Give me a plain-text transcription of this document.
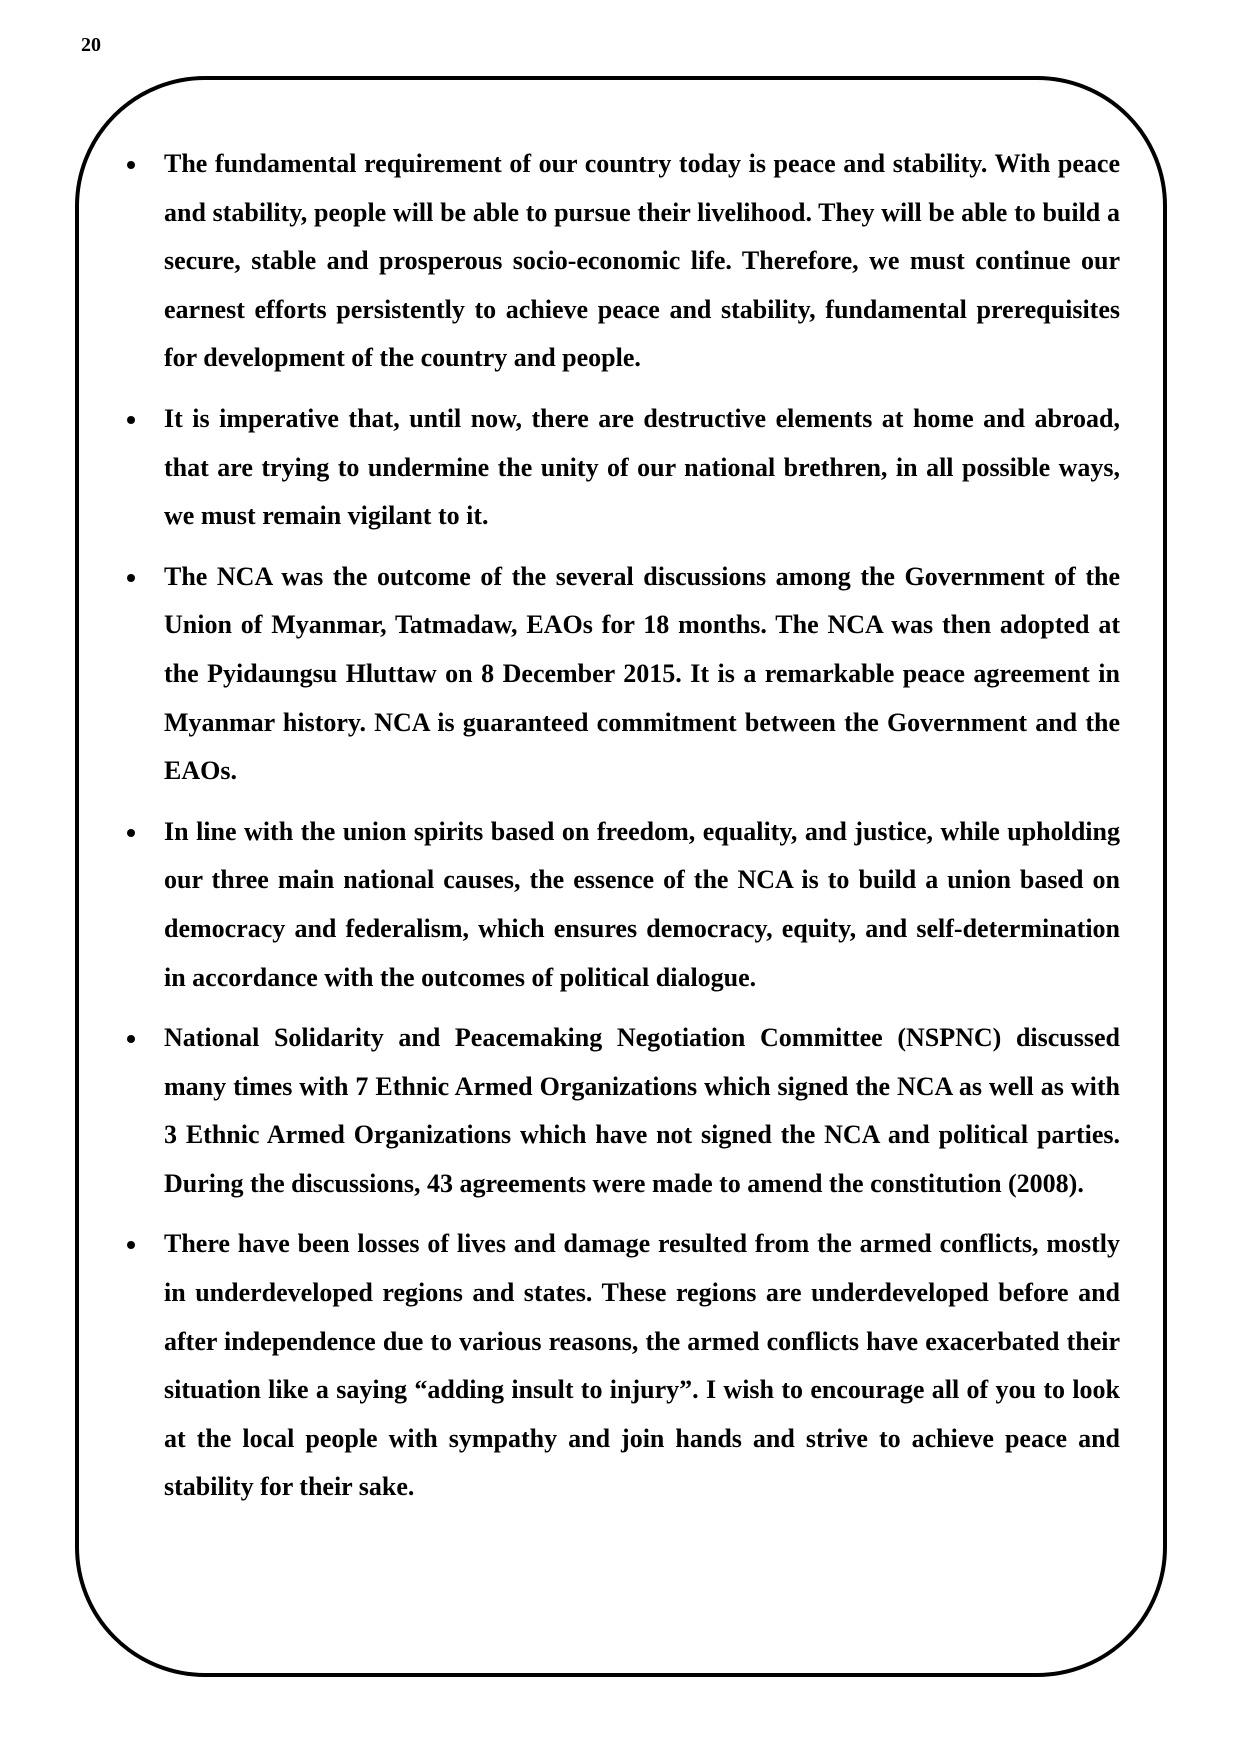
20
The fundamental requirement of our country today is peace and stability. With peace and stability, people will be able to pursue their livelihood. They will be able to build a secure, stable and prosperous socio-economic life. Therefore, we must continue our earnest efforts persistently to achieve peace and stability, fundamental prerequisites for development of the country and people.
It is imperative that, until now, there are destructive elements at home and abroad, that are trying to undermine the unity of our national brethren, in all possible ways, we must remain vigilant to it.
The NCA was the outcome of the several discussions among the Government of the Union of Myanmar, Tatmadaw, EAOs for 18 months. The NCA was then adopted at the Pyidaungsu Hluttaw on 8 December 2015. It is a remarkable peace agreement in Myanmar history. NCA is guaranteed commitment between the Government and the EAOs.
In line with the union spirits based on freedom, equality, and justice, while upholding our three main national causes, the essence of the NCA is to build a union based on democracy and federalism, which ensures democracy, equity, and self-determination in accordance with the outcomes of political dialogue.
National Solidarity and Peacemaking Negotiation Committee (NSPNC) discussed many times with 7 Ethnic Armed Organizations which signed the NCA as well as with 3 Ethnic Armed Organizations which have not signed the NCA and political parties. During the discussions, 43 agreements were made to amend the constitution (2008).
There have been losses of lives and damage resulted from the armed conflicts, mostly in underdeveloped regions and states. These regions are underdeveloped before and after independence due to various reasons, the armed conflicts have exacerbated their situation like a saying “adding insult to injury”. I wish to encourage all of you to look at the local people with sympathy and join hands and strive to achieve peace and stability for their sake.
